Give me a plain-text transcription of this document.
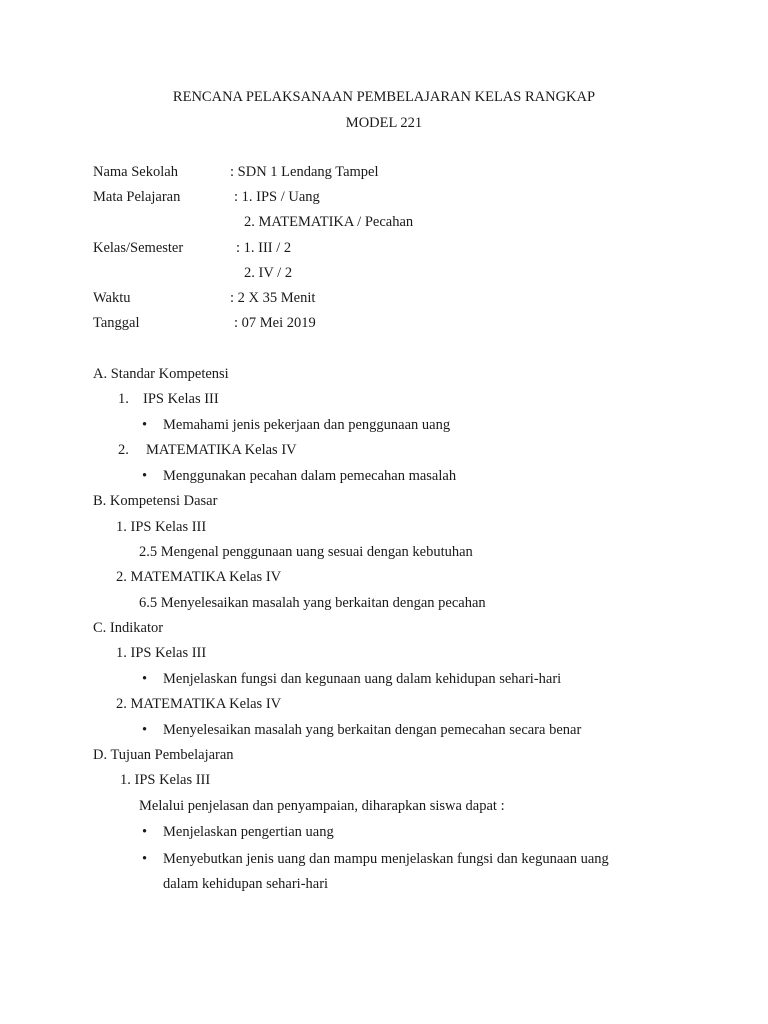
RENCANA PELAKSANAAN PEMBELAJARAN KELAS RANGKAP
MODEL 221
Nama Sekolah	: SDN 1 Lendang Tampel
Mata Pelajaran	: 1. IPS / Uang
2. MATEMATIKA / Pecahan
Kelas/Semester	: 1. III / 2
2. IV / 2
Waktu	: 2 X 35 Menit
Tanggal	: 07 Mei 2019
A. Standar Kompetensi
1. IPS Kelas III
• Memahami jenis pekerjaan dan penggunaan uang
2. MATEMATIKA Kelas IV
• Menggunakan pecahan dalam pemecahan masalah
B. Kompetensi Dasar
1. IPS Kelas III
2.5 Mengenal penggunaan uang sesuai dengan kebutuhan
2. MATEMATIKA Kelas IV
6.5 Menyelesaikan masalah yang berkaitan dengan pecahan
C. Indikator
1. IPS Kelas III
• Menjelaskan fungsi dan kegunaan uang dalam kehidupan sehari-hari
2. MATEMATIKA Kelas IV
• Menyelesaikan masalah yang berkaitan dengan pemecahan secara benar
D. Tujuan Pembelajaran
1. IPS Kelas III
Melalui penjelasan dan penyampaian, diharapkan siswa dapat :
• Menjelaskan pengertian uang
• Menyebutkan jenis uang dan mampu menjelaskan fungsi dan kegunaan uang
dalam kehidupan sehari-hari
